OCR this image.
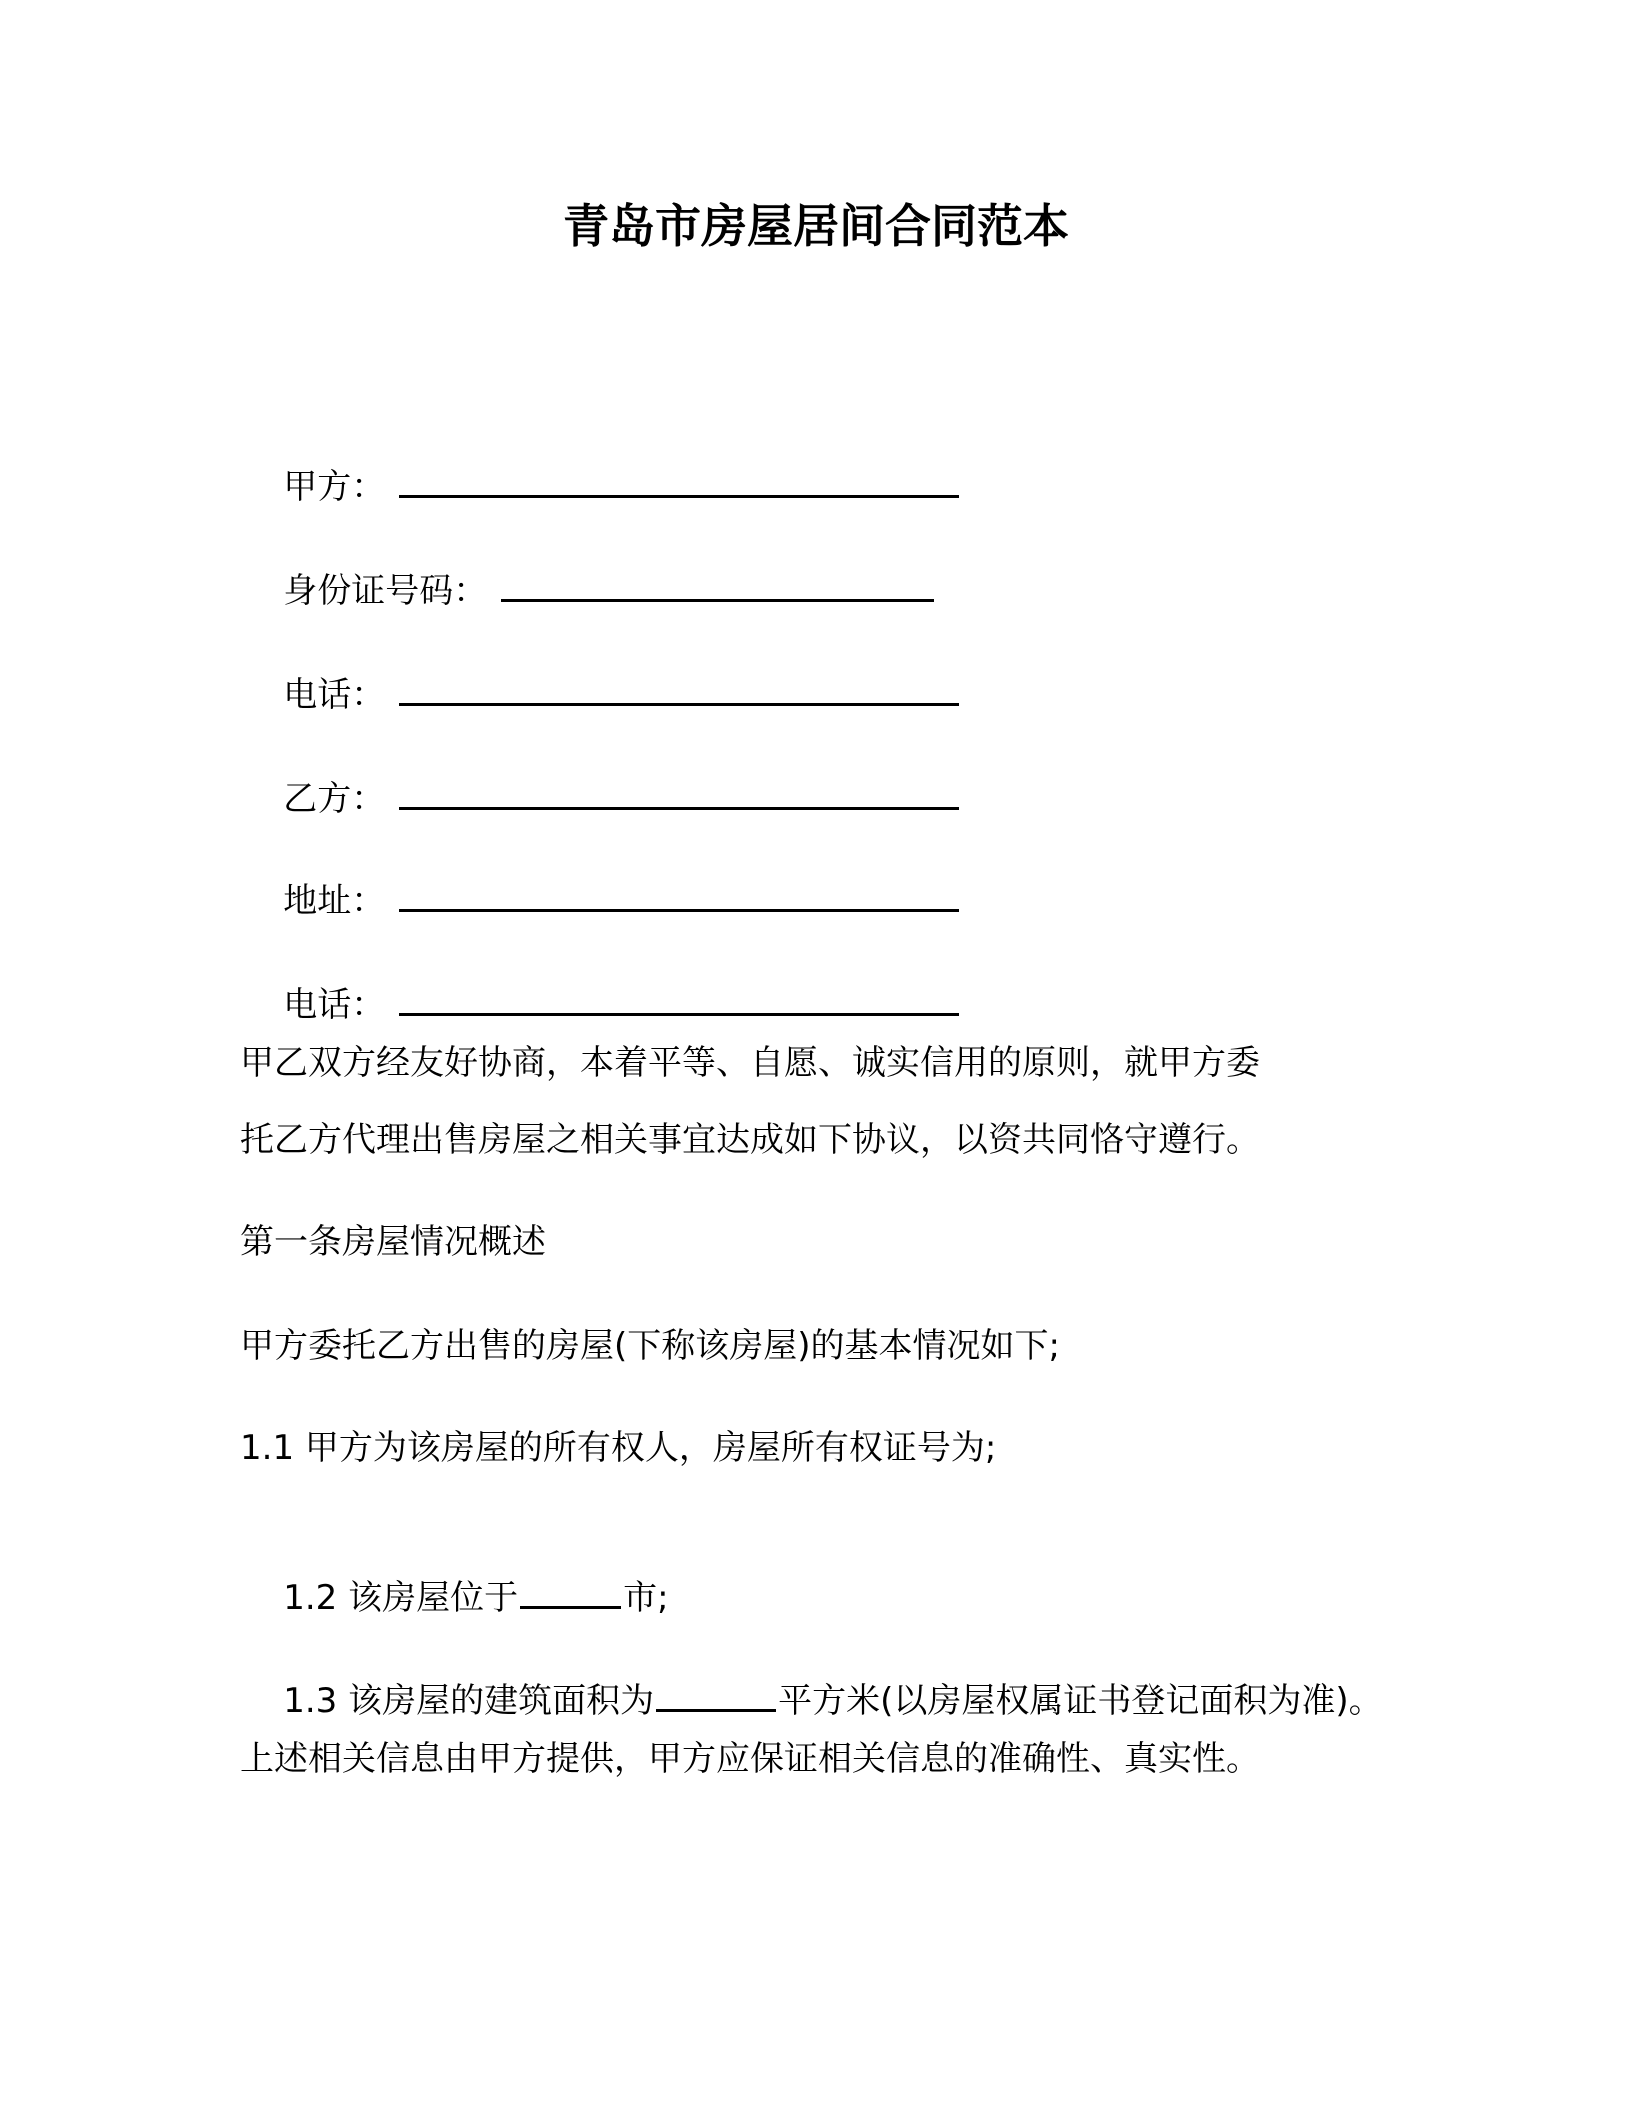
青岛市房屋居间合同范本

甲方：

身份证号码：

电话：

乙方：

地址：

电话：

甲乙双方经友好协商，本着平等、自愿、诚实信用的原则，就甲方委
托乙方代理出售房屋之相关事宜达成如下协议，以资共同恪守遵行。
第一条房屋情况概述
甲方委托乙方出售的房屋(下称该房屋)的基本情况如下;
1.1 甲方为该房屋的所有权人，房屋所有权证号为;

1.2 该房屋位于	市;

1.3 该房屋的建筑面积为	平方米(以房屋权属证书登记面积为准)。

上述相关信息由甲方提供，甲方应保证相关信息的准确性、真实性。
